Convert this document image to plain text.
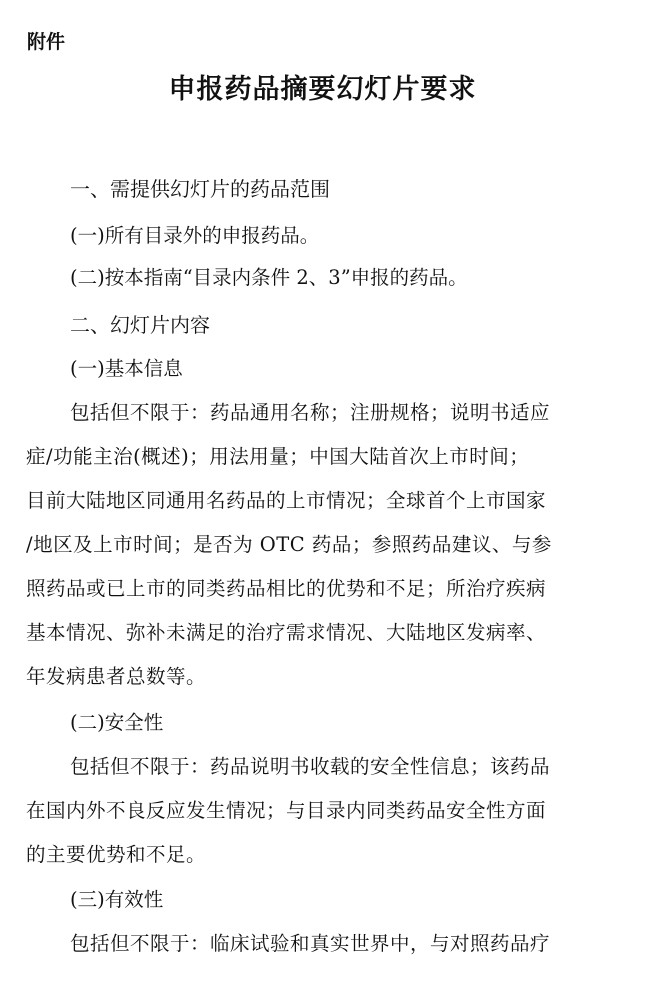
附件
申报药品摘要幻灯片要求
一、需提供幻灯片的药品范围
(一)所有目录外的申报药品。
(二)按本指南“目录内条件 2、3”申报的药品。
二、幻灯片内容
(一)基本信息
包括但不限于：药品通用名称；注册规格；说明书适应
症/功能主治(概述)；用法用量；中国大陆首次上市时间；
目前大陆地区同通用名药品的上市情况；全球首个上市国家
/地区及上市时间；是否为 OTC 药品；参照药品建议、与参
照药品或已上市的同类药品相比的优势和不足；所治疗疾病
基本情况、弥补未满足的治疗需求情况、大陆地区发病率、
年发病患者总数等。
(二)安全性
包括但不限于：药品说明书收载的安全性信息；该药品
在国内外不良反应发生情况；与目录内同类药品安全性方面
的主要优势和不足。
(三)有效性
包括但不限于：临床试验和真实世界中，与对照药品疗
